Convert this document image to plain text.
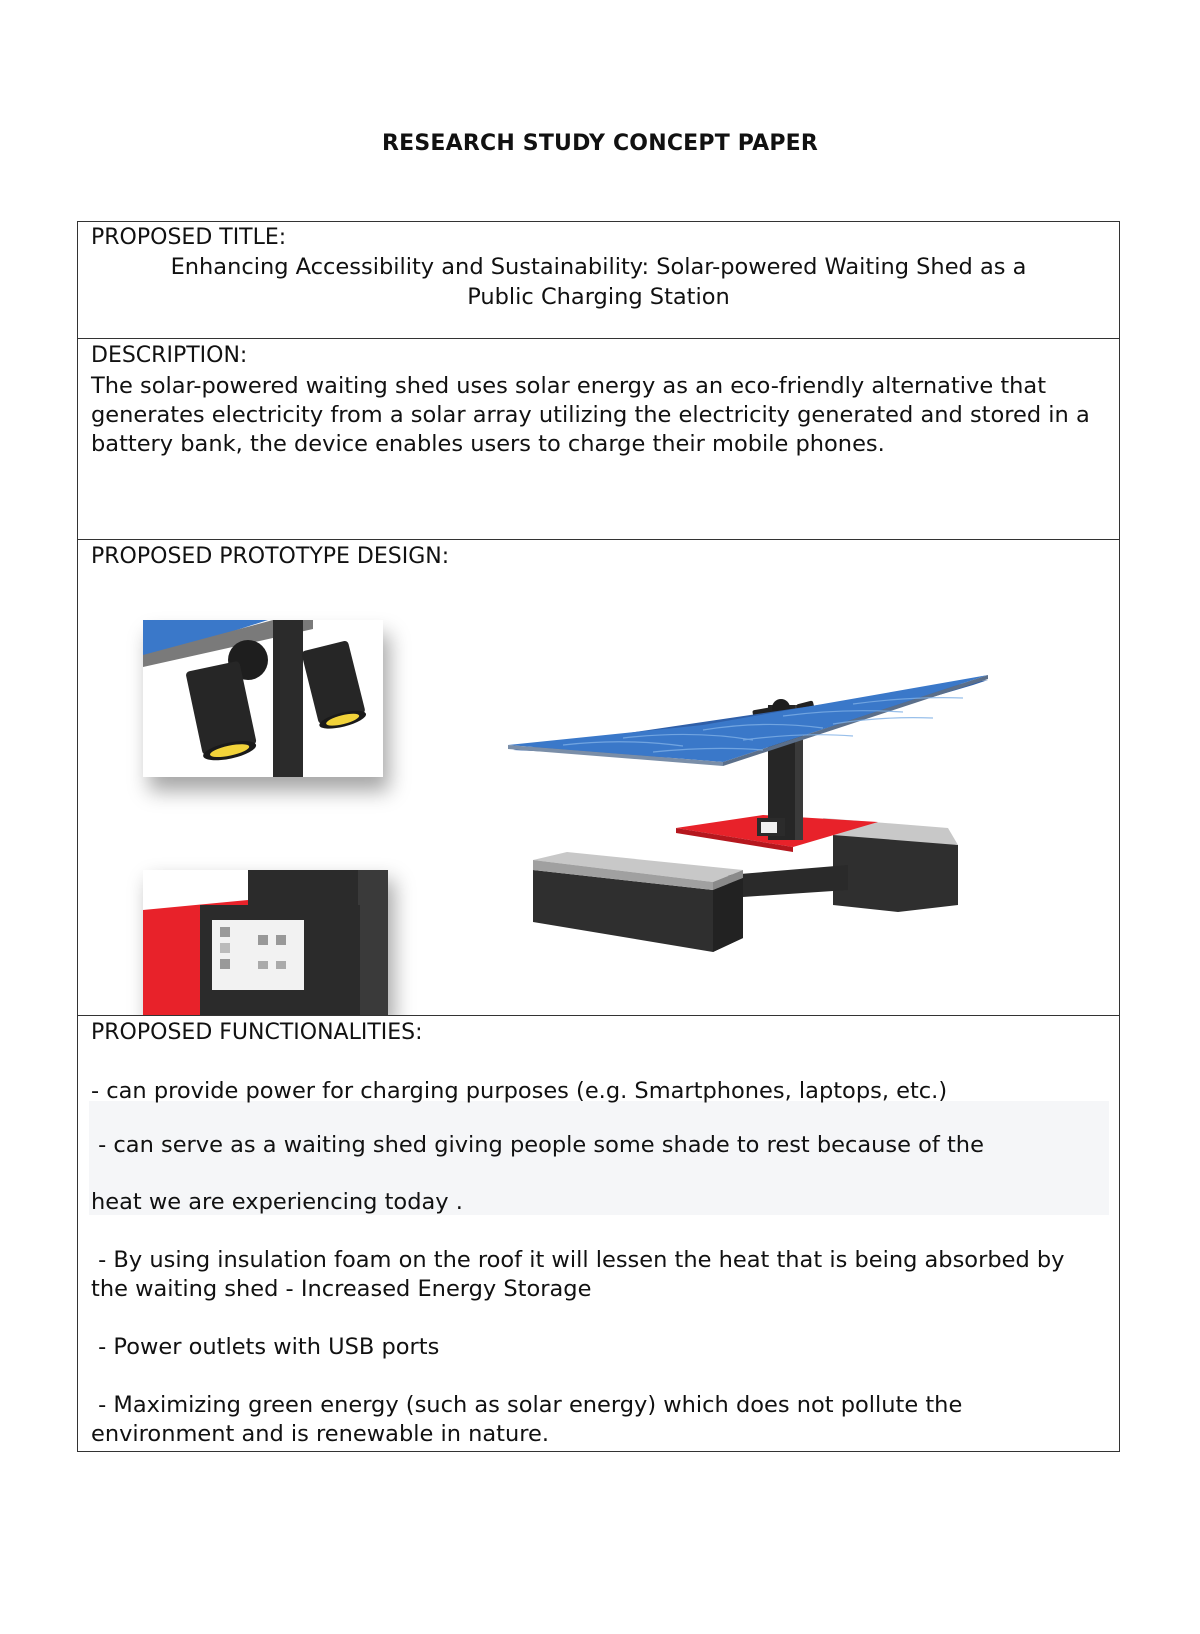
RESEARCH STUDY CONCEPT PAPER
PROPOSED TITLE:
Enhancing Accessibility and Sustainability: Solar-powered Waiting Shed as a
Public Charging Station
DESCRIPTION:
The solar-powered waiting shed uses solar energy as an eco-friendly alternative that generates electricity from a solar array utilizing the electricity generated and stored in a battery bank, the device enables users to charge their mobile phones.
PROPOSED PROTOTYPE DESIGN:
PROPOSED FUNCTIONALITIES:
- can provide power for charging purposes (e.g. Smartphones, laptops, etc.)
- can serve as a waiting shed giving people some shade to rest because of the
heat we are experiencing today .
- By using insulation foam on the roof it will lessen the heat that is being absorbed by the waiting shed - Increased Energy Storage
- Power outlets with USB ports
- Maximizing green energy (such as solar energy) which does not pollute the environment and is renewable in nature.
